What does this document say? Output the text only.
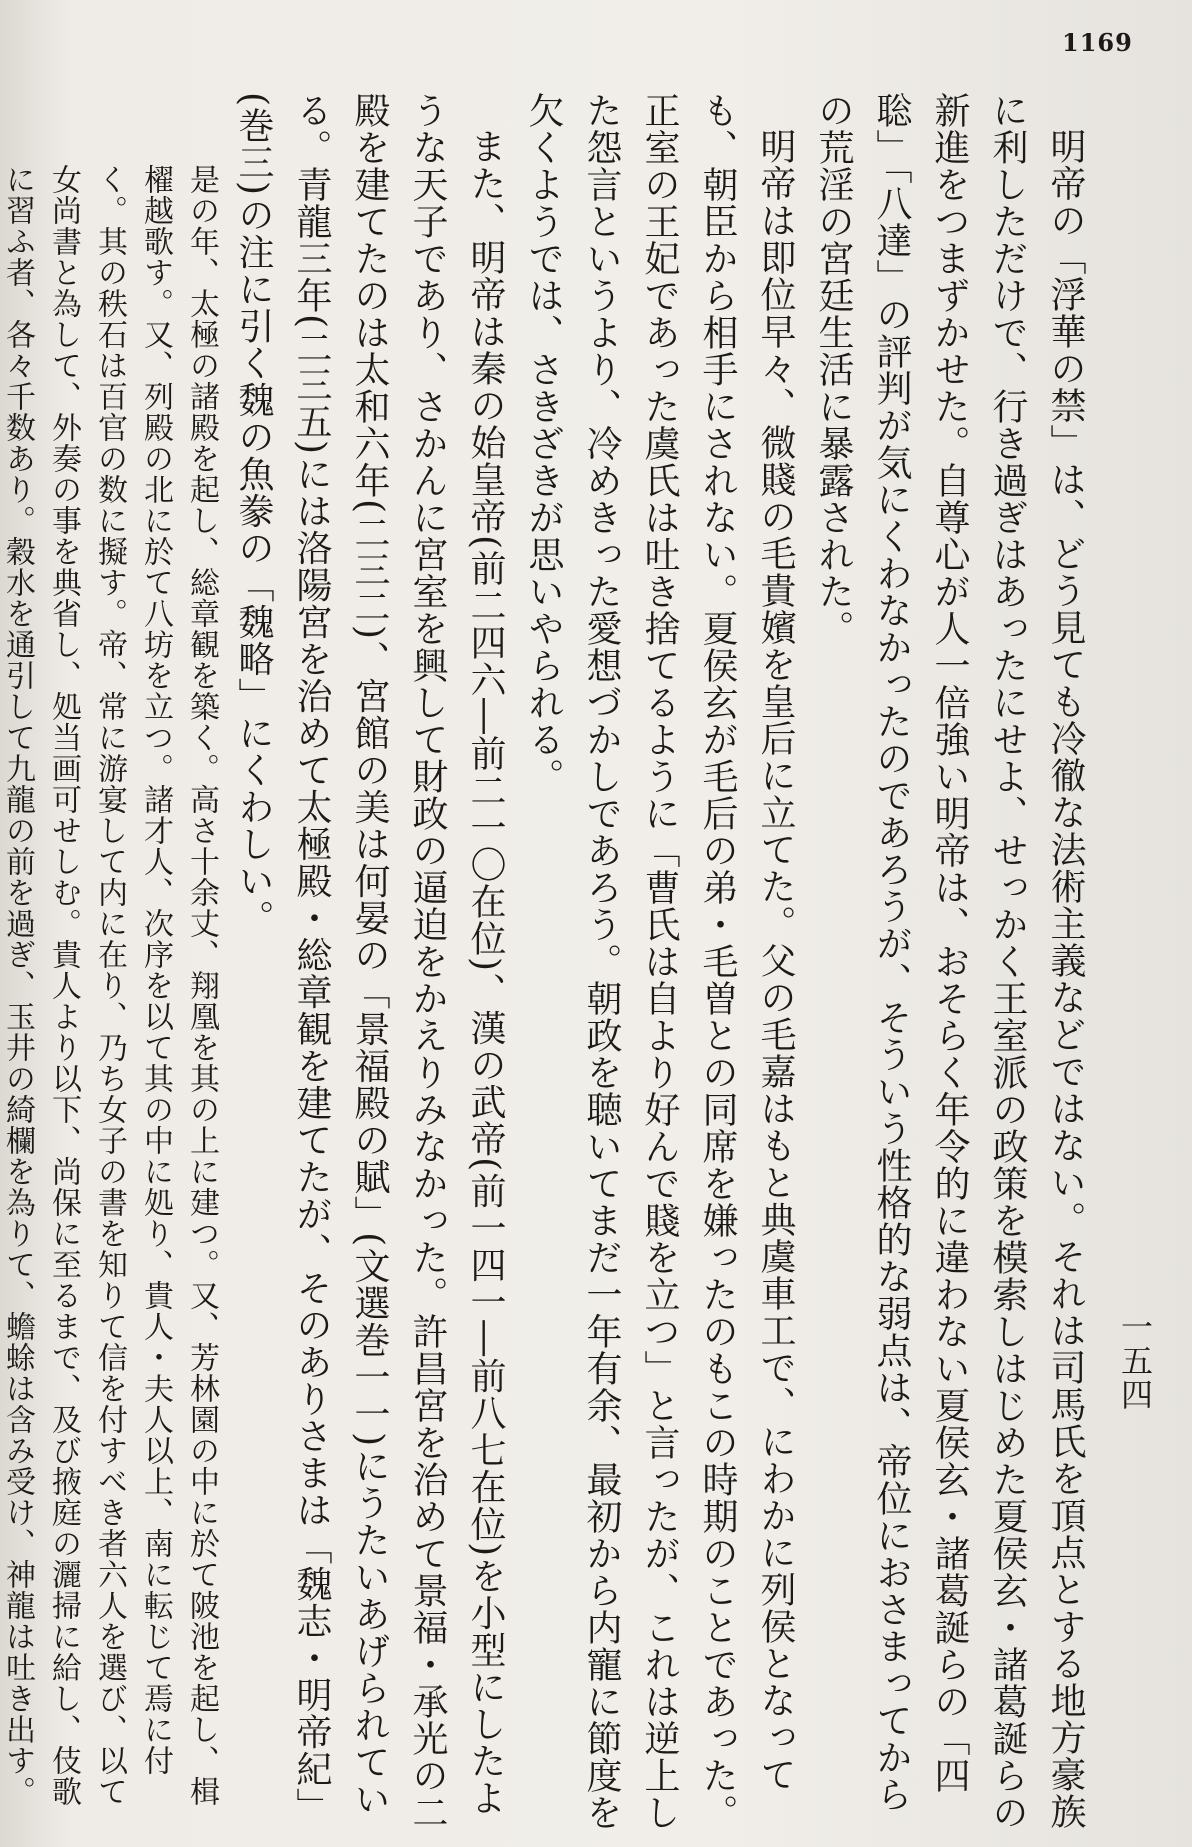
1169
一五四

明帝の「浮華の禁」は、どう見ても冷徹な法術主義などではない。それは司馬氏を頂点とする地方豪族に利しただけで、行き過ぎはあったにせよ、せっかく王室派の政策を模索しはじめた夏侯玄・諸葛誕らの新進をつまずかせた。自尊心が人一倍強い明帝は、おそらく年令的に違わない夏侯玄・諸葛誕らの「四聡」「八達」の評判が気にくわなかったのであろうが、そういう性格的な弱点は、帝位におさまってからの荒淫の宮廷生活に暴露された。

明帝は即位早々、微賤の毛貴嬪を皇后に立てた。父の毛嘉はもと典虞車工で、にわかに列侯となっても、朝臣から相手にされない。夏侯玄が毛后の弟・毛曽との同席を嫌ったのもこの時期のことであった。正室の王妃であった虞氏は吐き捨てるように「曹氏は自より好んで賤を立つ」と言ったが、これは逆上した怨言というより、冷めきった愛想づかしであろう。朝政を聴いてまだ一年有余、最初から内寵に節度を欠くようでは、さきざきが思いやられる。

また、明帝は秦の始皇帝(前二四六―前二一〇在位)、漢の武帝(前一四一―前八七在位)を小型にしたような天子であり、さかんに宮室を興して財政の逼迫をかえりみなかった。許昌宮を治めて景福・承光の二殿を建てたのは太和六年(二三二)、宮館の美は何晏の「景福殿の賦」(文選巻一一)にうたいあげられている。青龍三年(二三五)には洛陽宮を治めて太極殿・総章観を建てたが、そのありさまは「魏志・明帝紀」(巻三)の注に引く魏の魚豢の「魏略」にくわしい。

是の年、太極の諸殿を起し、総章観を築く。高さ十余丈、翔凰を其の上に建つ。又、芳林園の中に於て陂池を起し、楫櫂越歌す。又、列殿の北に於て八坊を立つ。諸才人、次序を以て其の中に処り、貴人・夫人以上、南に転じて焉に付く。其の秩石は百官の数に擬す。帝、常に游宴して内に在り、乃ち女子の書を知りて信を付すべき者六人を選び、以て女尚書と為して、外奏の事を典省し、処当画可せしむ。貴人より以下、尚保に至るまで、及び掖庭の灑掃に給し、伎歌に習ふ者、各々千数あり。穀水を通引して九龍の前を過ぎ、玉井の綺欄を為りて、蟾蜍は含み受け、神龍は吐き出す。
